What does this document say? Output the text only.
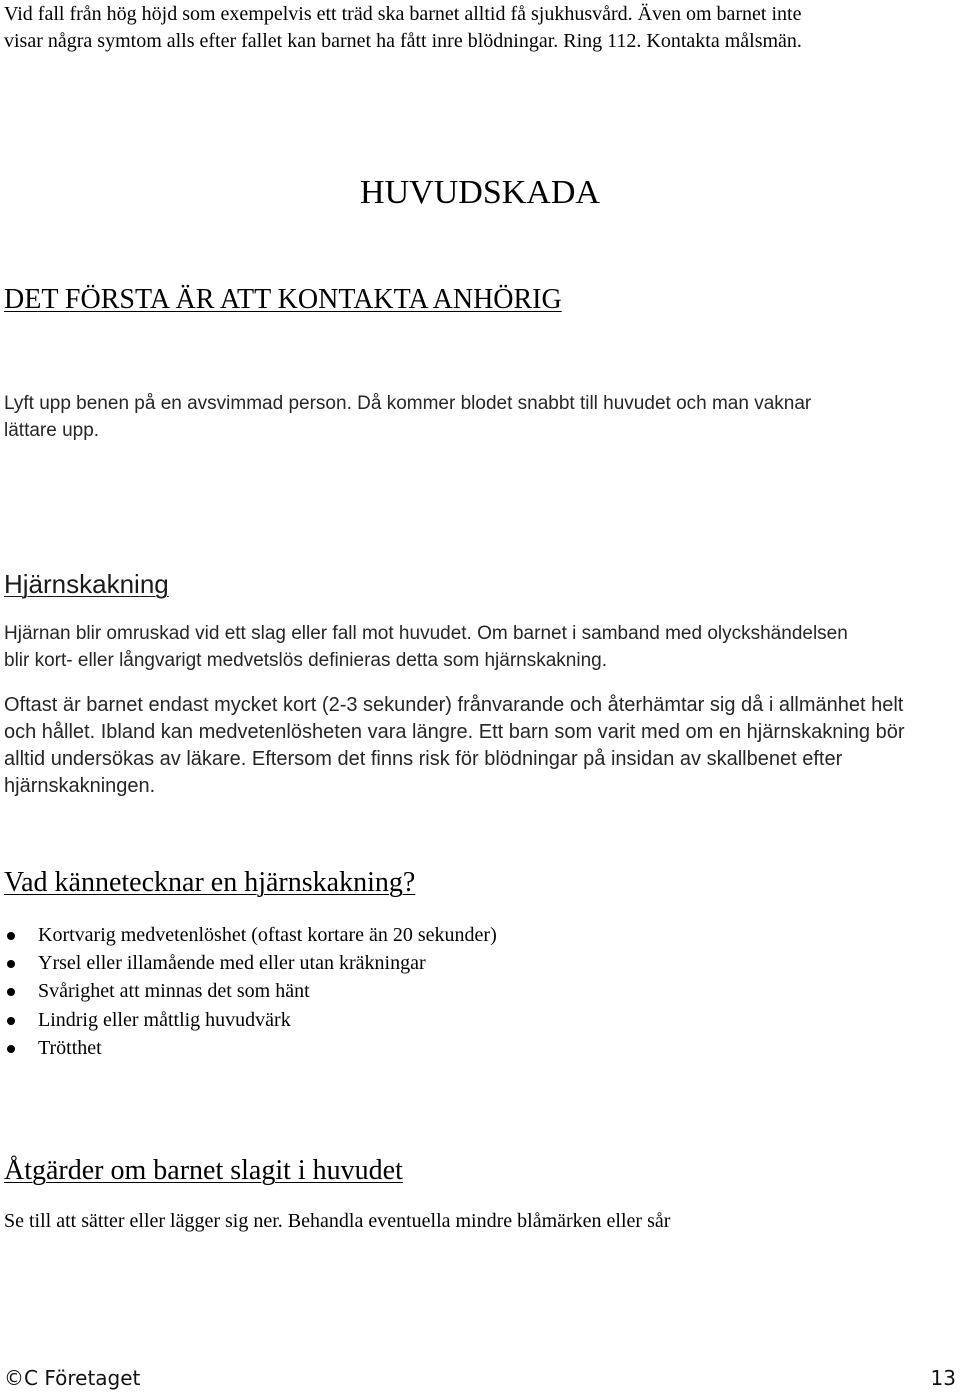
Vid fall från hög höjd som exempelvis ett träd ska barnet alltid få sjukhusvård. Även om barnet inte
visar några symtom alls efter fallet kan barnet ha fått inre blödningar. Ring 112. Kontakta målsmän.
HUVUDSKADA
DET FÖRSTA ÄR ATT KONTAKTA ANHÖRIG
Lyft upp benen på en avsvimmad person. Då kommer blodet snabbt till huvudet och man vaknar
lättare upp.
Hjärnskakning
Hjärnan blir omruskad vid ett slag eller fall mot huvudet. Om barnet i samband med olyckshändelsen
blir kort- eller långvarigt medvetslös definieras detta som hjärnskakning.
Oftast är barnet endast mycket kort (2-3 sekunder) frånvarande och återhämtar sig då i allmänhet helt
och hållet. Ibland kan medvetenlösheten vara längre. Ett barn som varit med om en hjärnskakning bör
alltid undersökas av läkare. Eftersom det finns risk för blödningar på insidan av skallbenet efter
hjärnskakningen.
Vad kännetecknar en hjärnskakning?
Kortvarig medvetenlöshet (oftast kortare än 20 sekunder)
Yrsel eller illamående med eller utan kräkningar
Svårighet att minnas det som hänt
Lindrig eller måttlig huvudvärk
Trötthet
Åtgärder om barnet slagit i huvudet
Se till att sätter eller lägger sig ner. Behandla eventuella mindre blåmärken eller sår
©C Företaget	13
